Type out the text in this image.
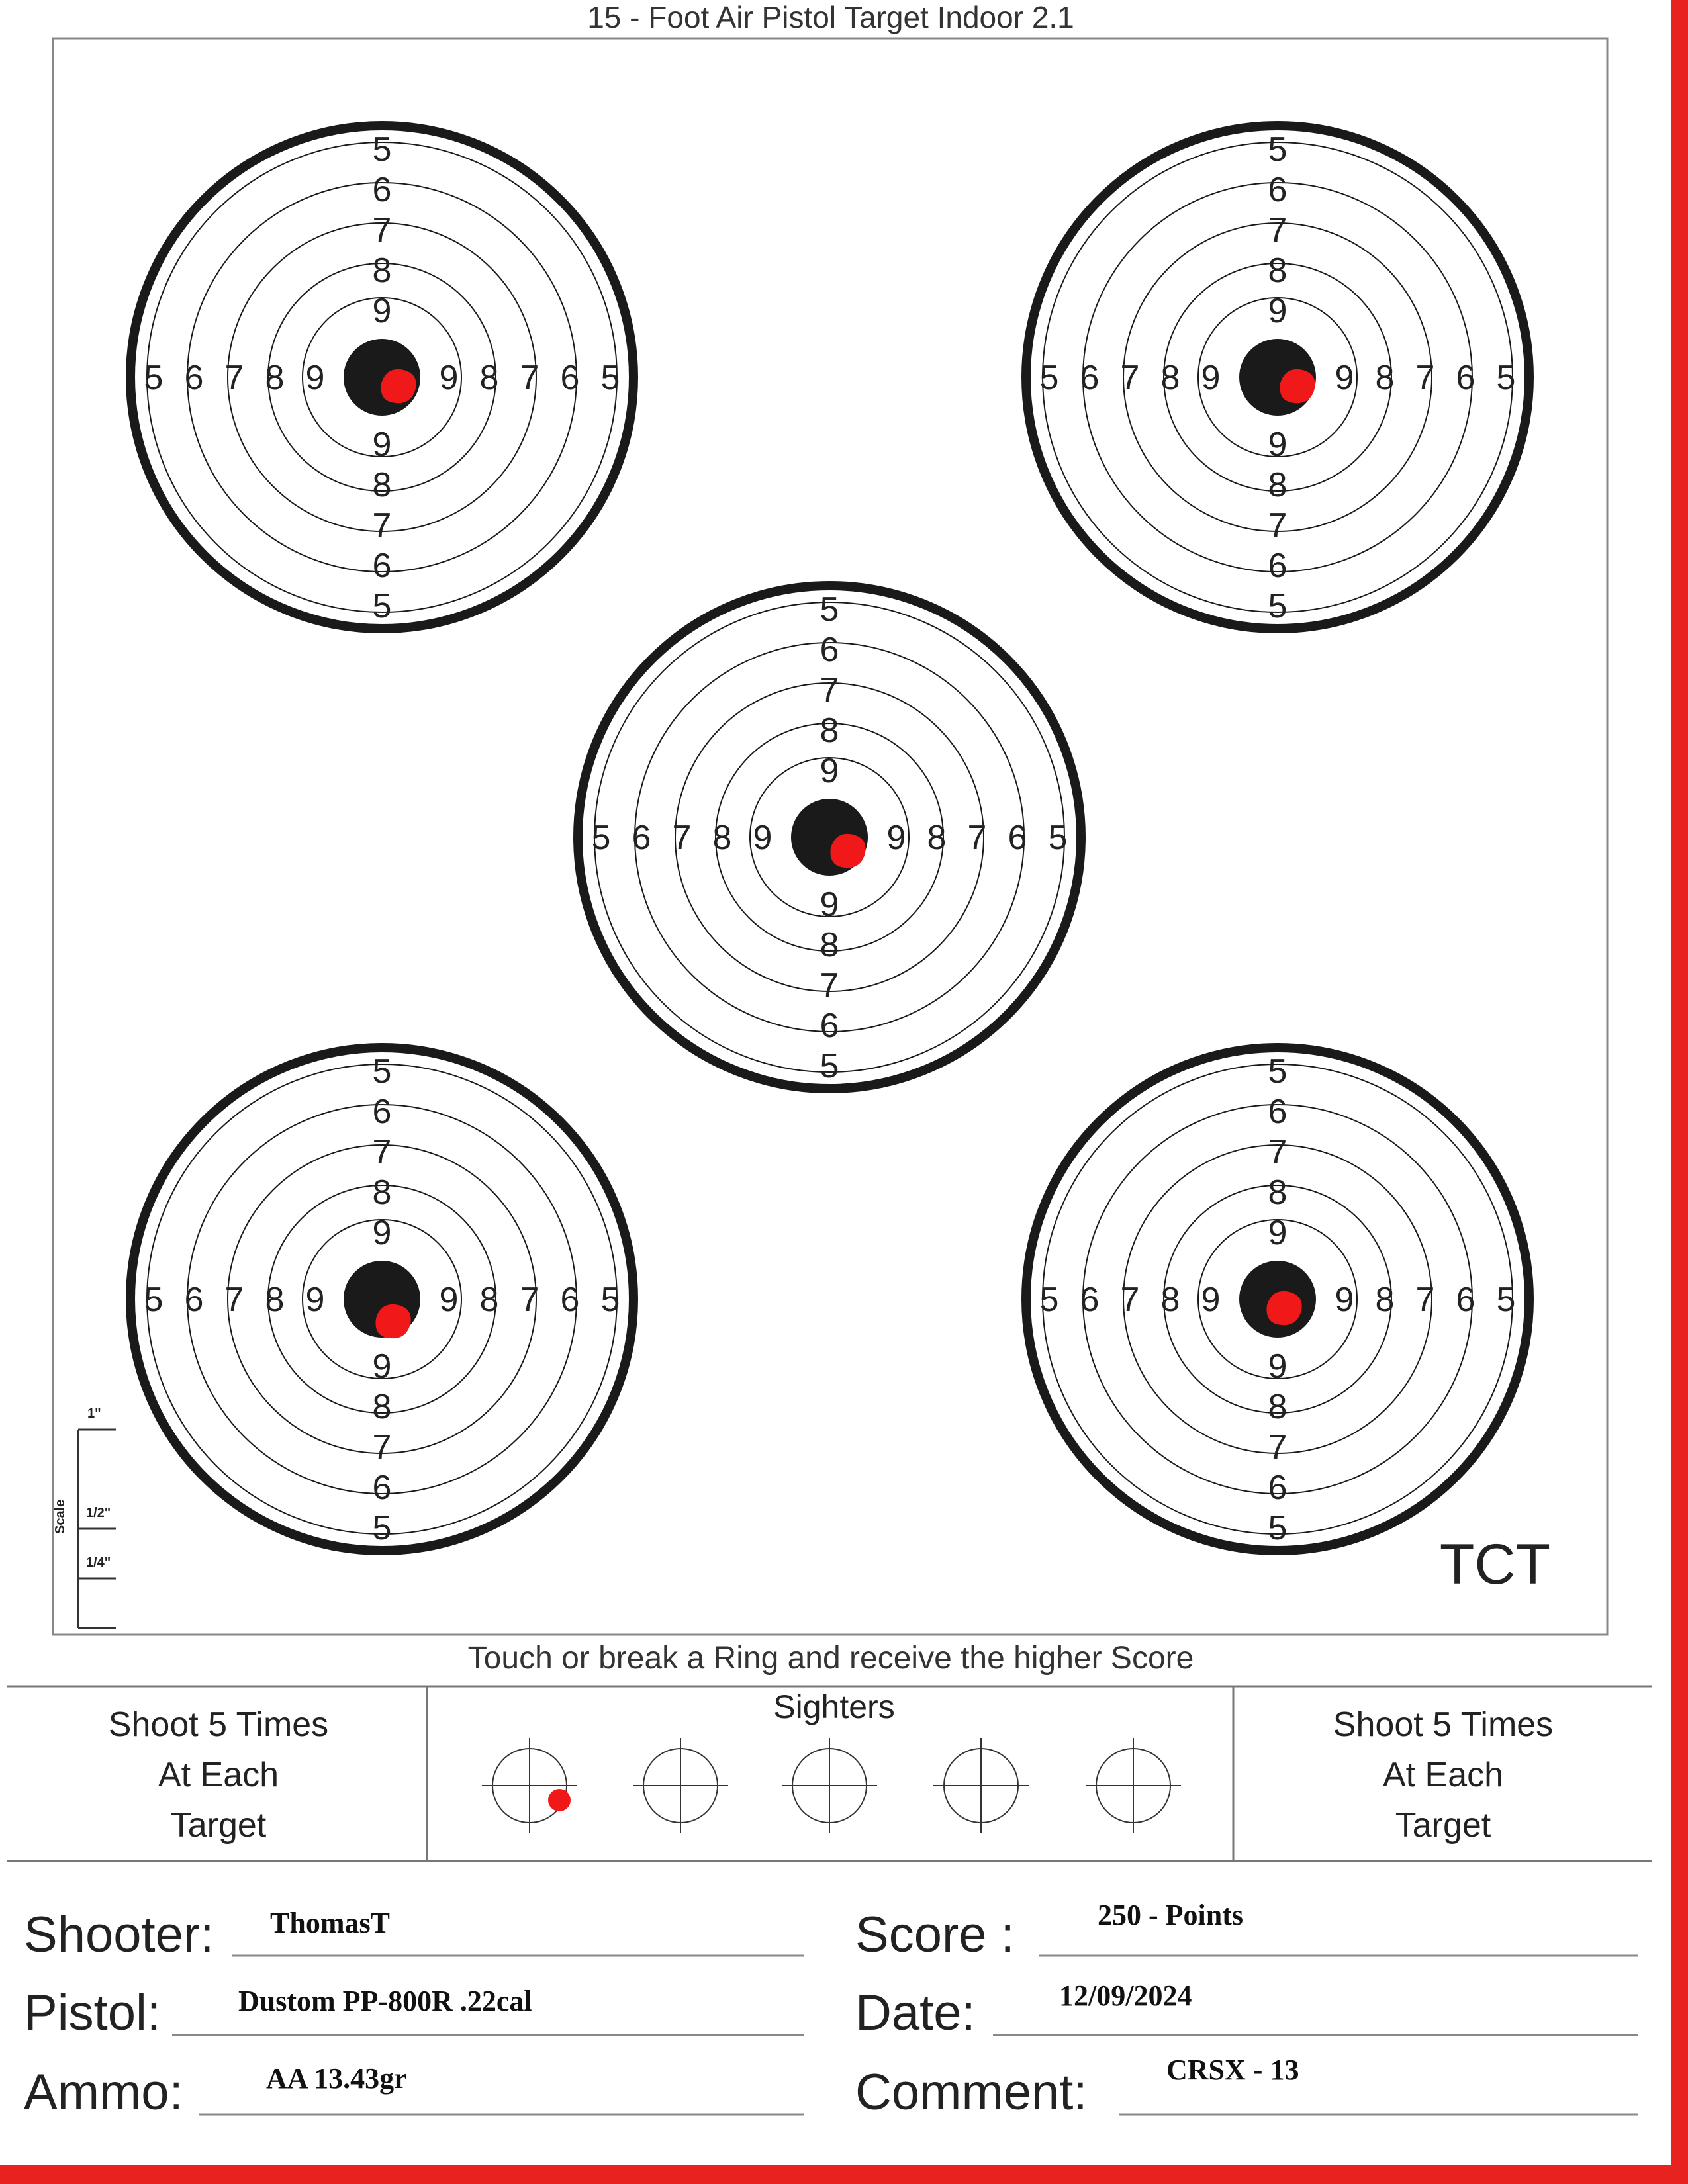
5
5
5	5
6
6
6	6
7
7
7	7
8
8
8	8
9
9
9	9
5
5
5	5
6
6
6	6
7
7
7	7
8
8
8	8
9
9
9	9
5
5
5	5
6
6
6	6
7
7
7	7
8
8
8	8
9
9
9	9
5
5
5	5
6
6
6	6
7
7
7	7
8
8
8	8
9
9
9	9
5
5
5	5
6
6
6	6
7
7
7	7
8
8
8	8
9
9
9	9
15 - Foot Air Pistol Target Indoor 2.1
TCT
Scale
1"
1/2"
1/4"
Touch or break a Ring and receive the higher Score
Shoot 5 Times
At Each
Target
Shoot 5 Times
At Each
Target
Sighters
Shooter: ThomasT
Pistol:	Dustom PP-800R .22cal
Ammo:	AA 13.43gr
Score :	250 - Points
Date:	12/09/2024
Comment:	CRSX - 13
